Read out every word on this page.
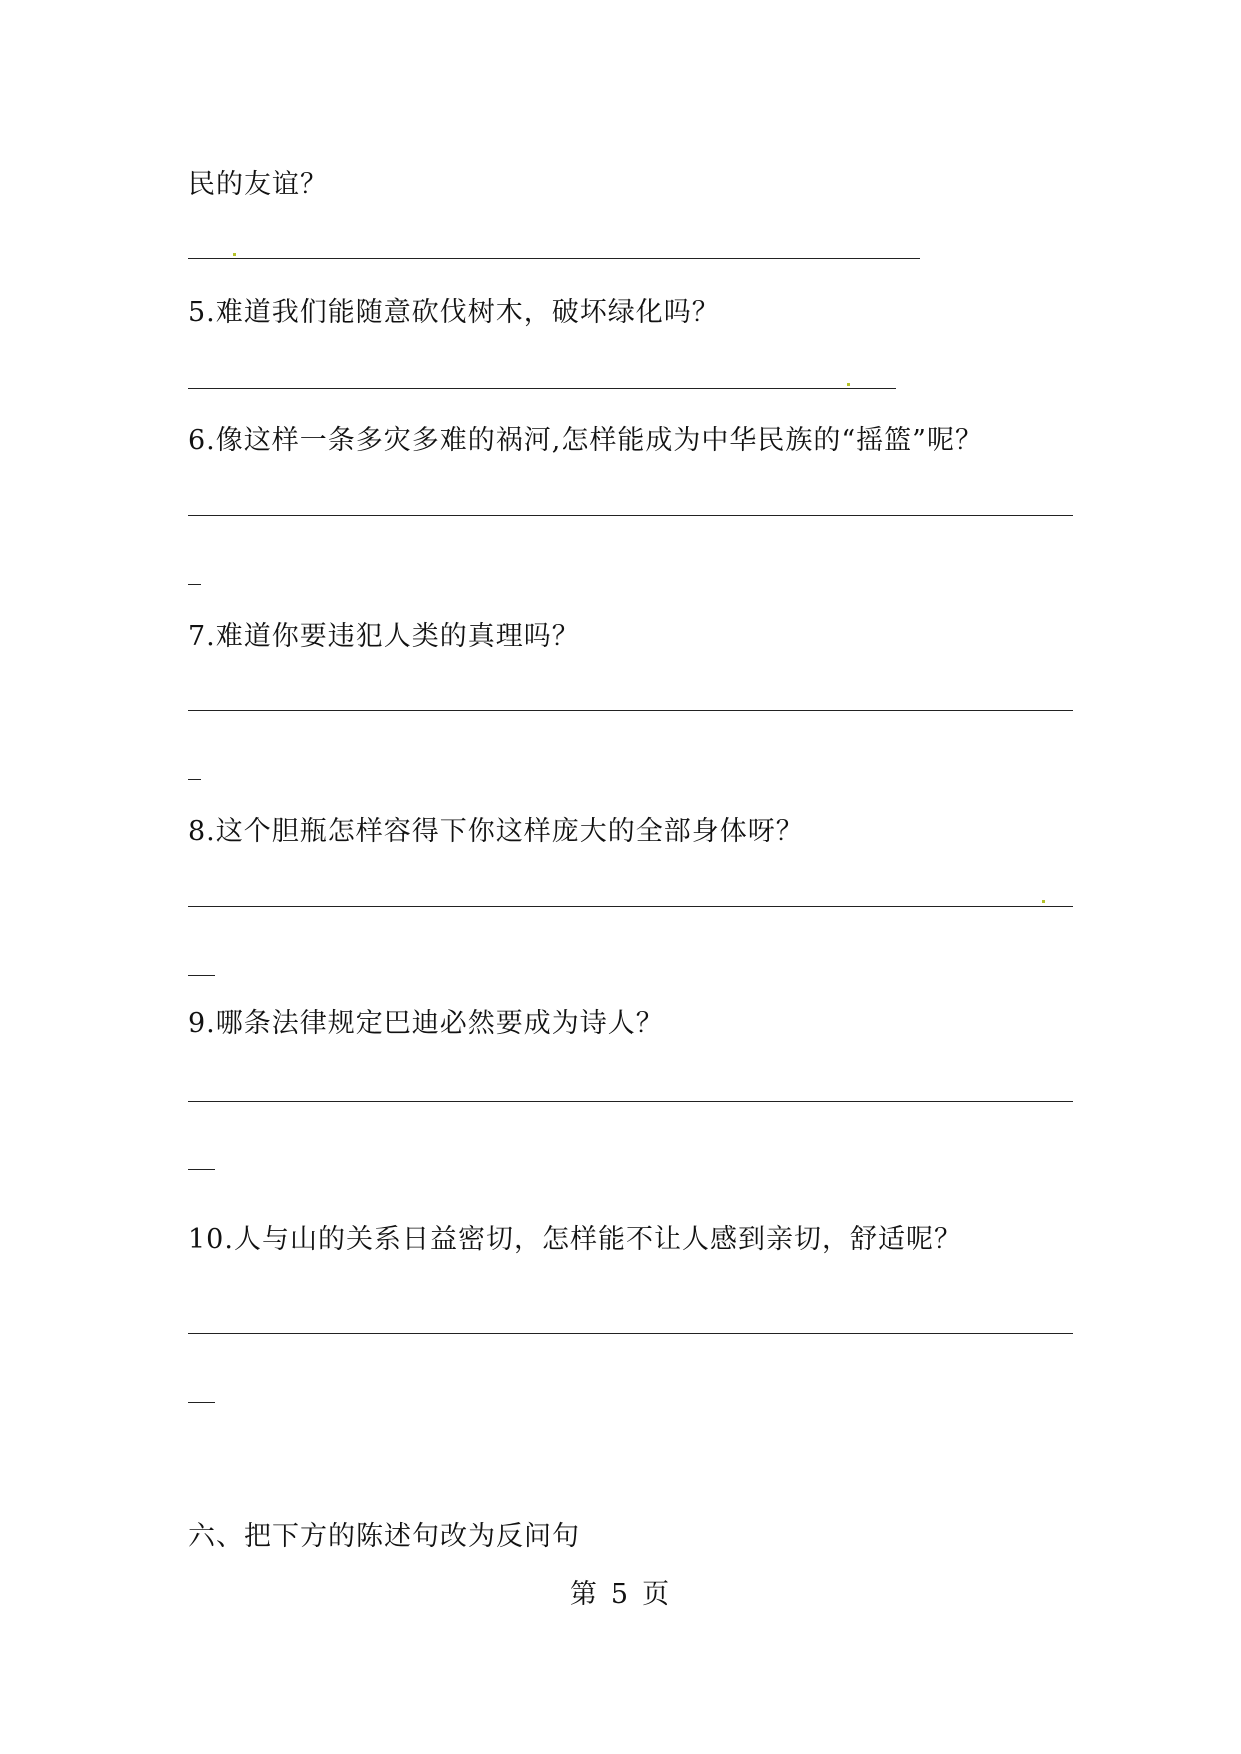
民的友谊？
5.难道我们能随意砍伐树木，破坏绿化吗？
6.像这样一条多灾多难的祸河,怎样能成为中华民族的“摇篮”呢？
7.难道你要违犯人类的真理吗？
8.这个胆瓶怎样容得下你这样庞大的全部身体呀？
9.哪条法律规定巴迪必然要成为诗人？
10.人与山的关系日益密切，怎样能不让人感到亲切，舒适呢？
六、把下方的陈述句改为反问句
第 5 页
